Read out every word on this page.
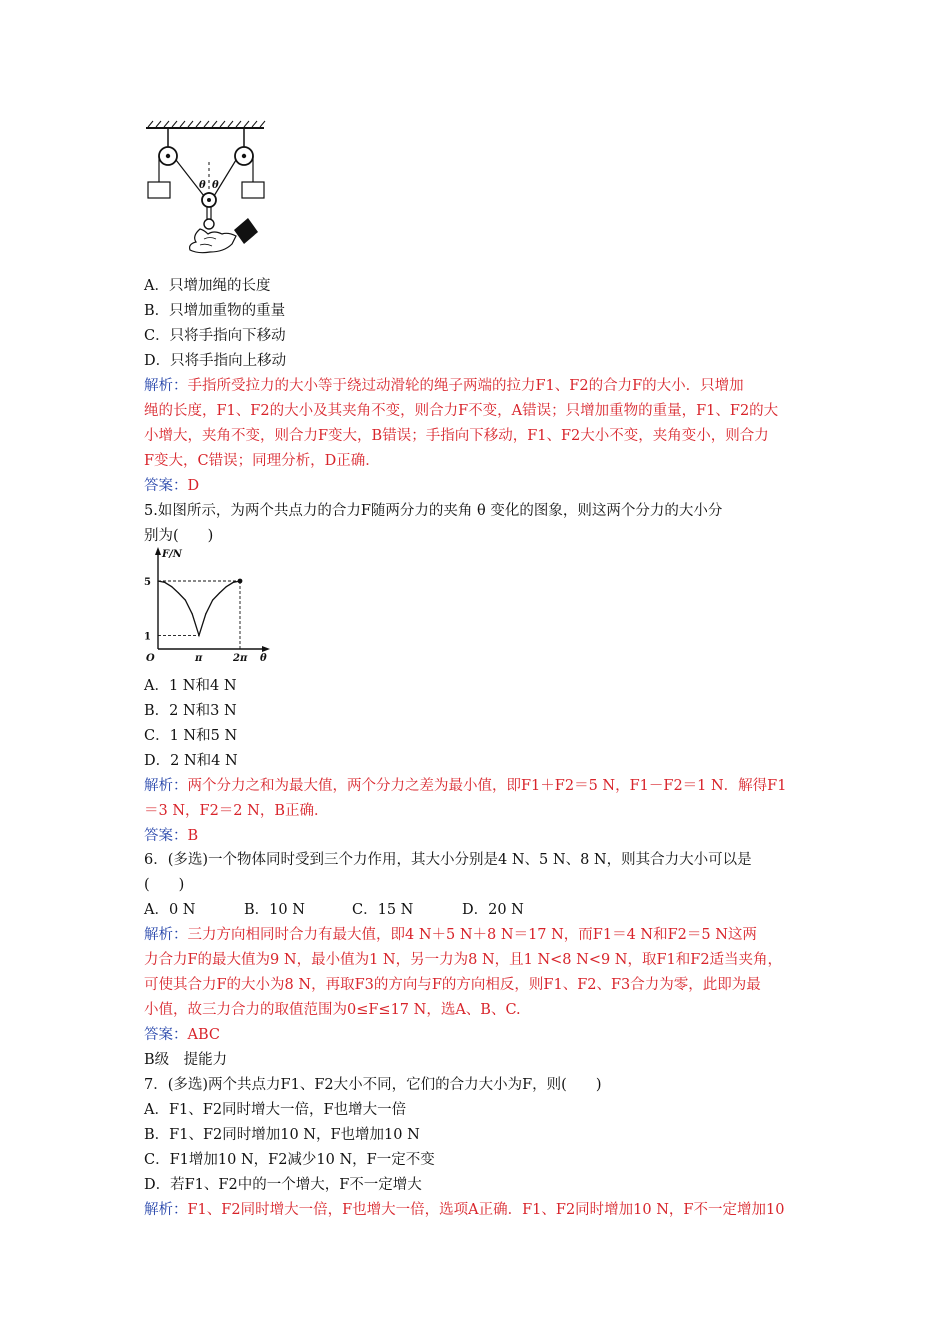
θ θ
A．只增加绳的长度
B．只增加重物的重量
C．只将手指向下移动
D．只将手指向上移动
解析：手指所受拉力的大小等于绕过动滑轮的绳子两端的拉力F1、F2的合力F的大小．只增加
绳的长度，F1、F2的大小及其夹角不变，则合力F不变，A错误；只增加重物的重量，F1、F2的大
小增大，夹角不变，则合力F变大，B错误；手指向下移动，F1、F2大小不变，夹角变小，则合力
F变大，C错误；同理分析，D正确．
答案：D
5.如图所示，为两个共点力的合力F随两分力的夹角 θ 变化的图象，则这两个分力的大小分
别为(　　)
F/N
θ
1
5
O	π	2π
A．1 N和4 N
B．2 N和3 N
C．1 N和5 N
D．2 N和4 N
解析：两个分力之和为最大值，两个分力之差为最小值，即F1＋F2＝5 N，F1－F2＝1 N．解得F1
＝3 N，F2＝2 N，B正确．
答案：B
6．(多选)一个物体同时受到三个力作用，其大小分别是4 N、5 N、8 N，则其合力大小可以是
(　　)
A．0 N	B．10 N	C．15 N	D．20 N
解析：三力方向相同时合力有最大值，即4 N＋5 N＋8 N＝17 N，而F1＝4 N和F2＝5 N这两
力合力F的最大值为9 N，最小值为1 N，另一力为8 N，且1 N<8 N<9 N，取F1和F2适当夹角，
可使其合力F的大小为8 N，再取F3的方向与F的方向相反，则F1、F2、F3合力为零，此即为最
小值，故三力合力的取值范围为0≤F≤17 N，选A、B、C.
答案：ABC
B级　提能力
7．(多选)两个共点力F1、F2大小不同，它们的合力大小为F，则(　　)
A．F1、F2同时增大一倍，F也增大一倍
B．F1、F2同时增加10 N，F也增加10 N
C．F1增加10 N，F2减少10 N，F一定不变
D．若F1、F2中的一个增大，F不一定增大
解析：F1、F2同时增大一倍，F也增大一倍，选项A正确．F1、F2同时增加10 N，F不一定增加10
